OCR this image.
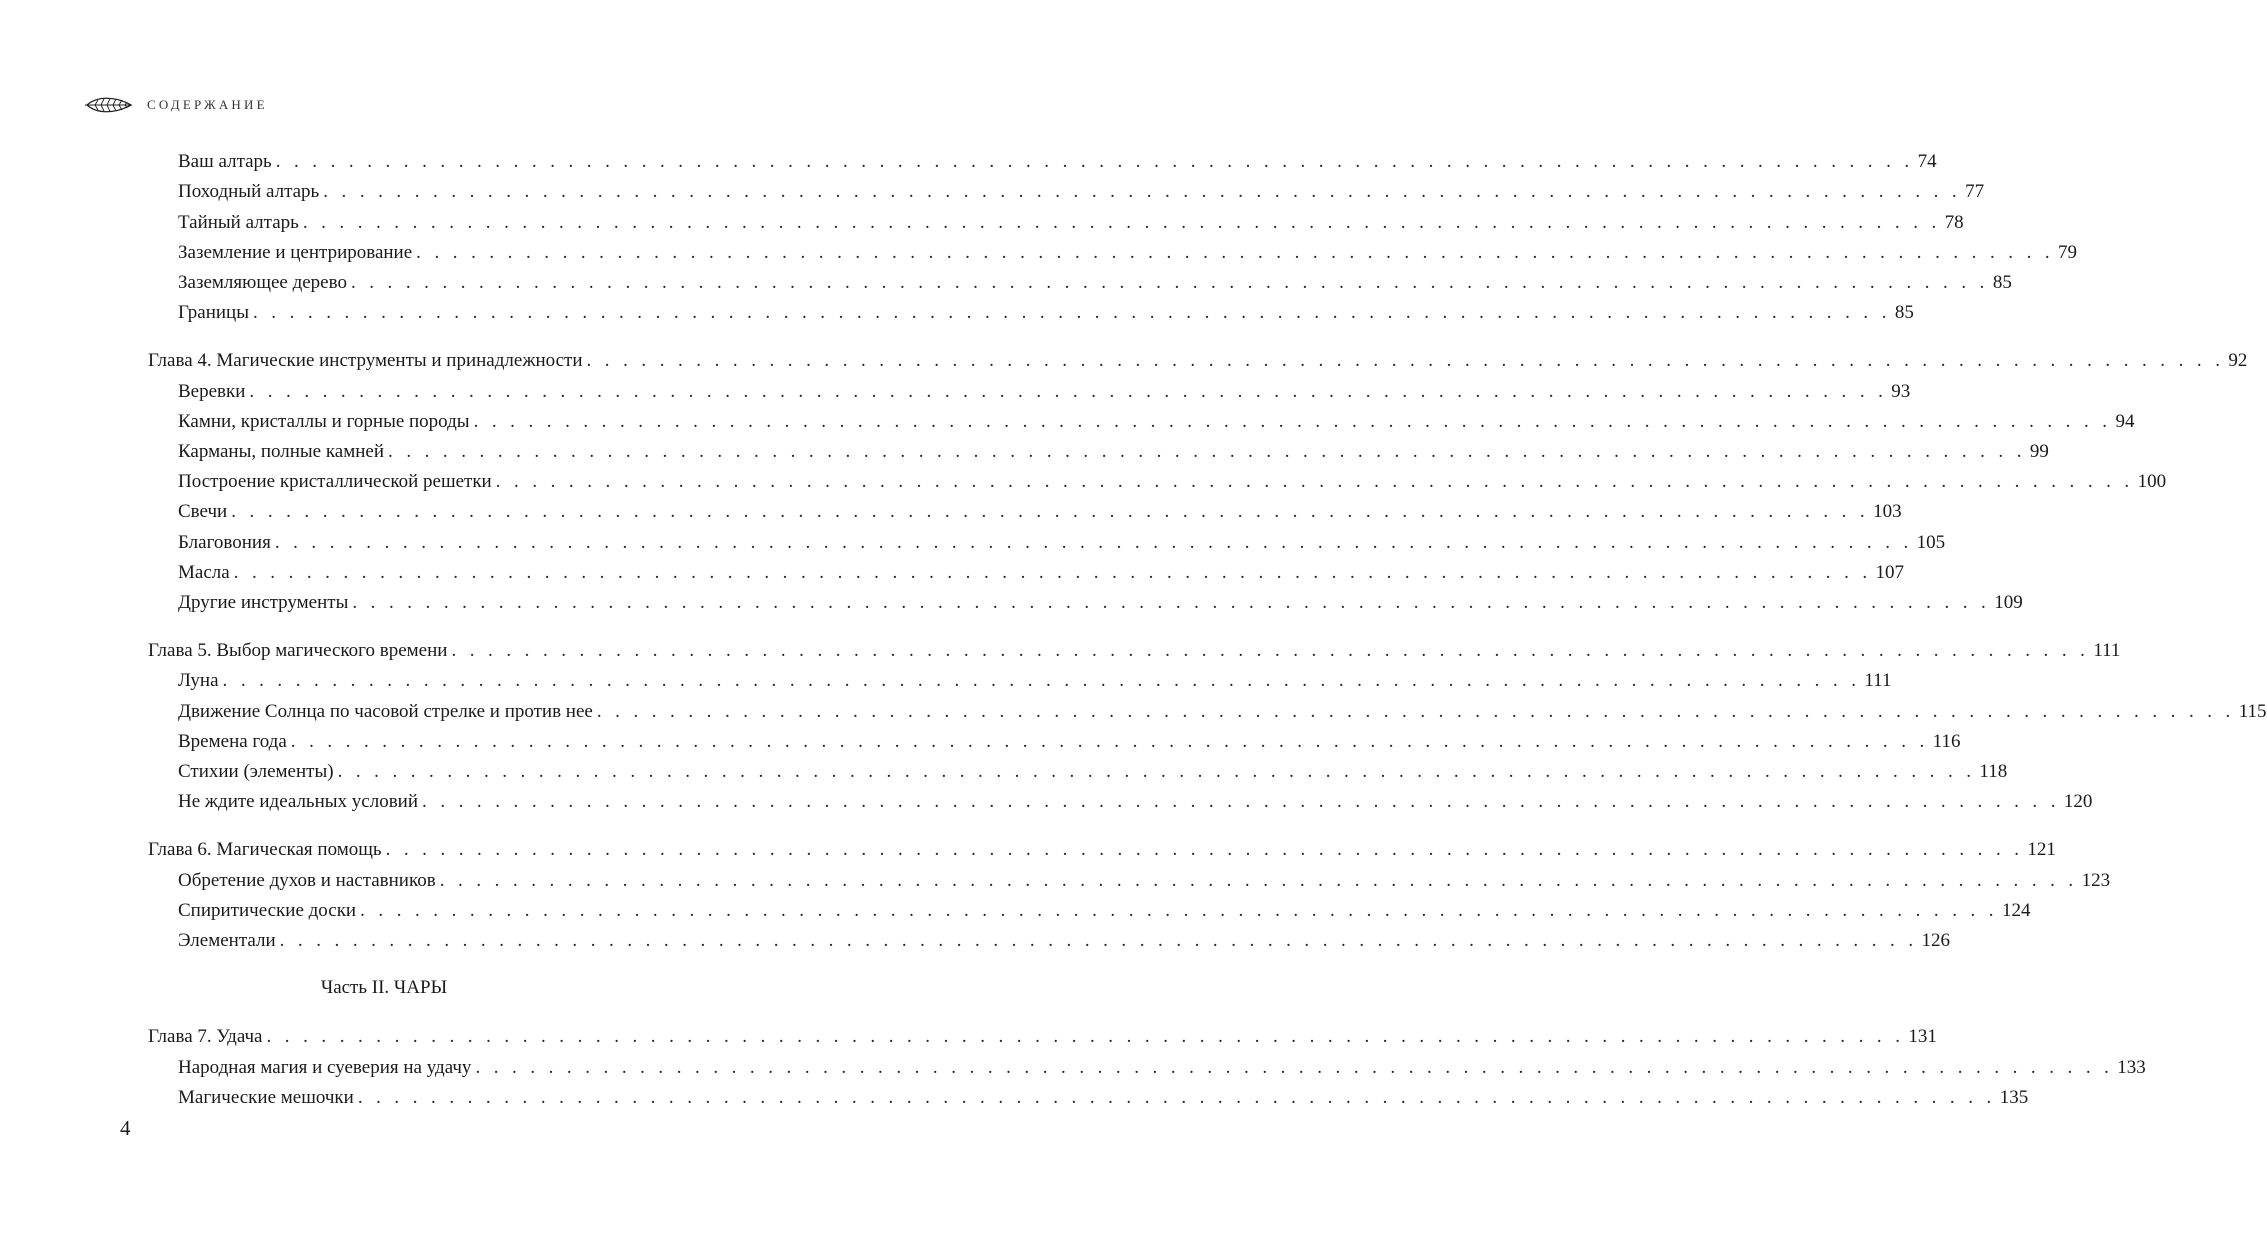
СОДЕРЖАНИЕ
Ваш алтарь . . . . . . . . . . . . . . . . . . . . . . . . . . . . . . . . . . . . . . . . . . . . . . . . . . . . . . . . . . . . . . . . . . . . . . . . . . . . . . . . . . . . . . . . . . 74
Походный алтарь . . . . . . . . . . . . . . . . . . . . . . . . . . . . . . . . . . . . . . . . . . . . . . . . . . . . . . . . . . . . . . . . . . . . . . . . . . . . . . . . . . . . . . . . . . 77
Тайный алтарь . . . . . . . . . . . . . . . . . . . . . . . . . . . . . . . . . . . . . . . . . . . . . . . . . . . . . . . . . . . . . . . . . . . . . . . . . . . . . . . . . . . . . . . . . . 78
Заземление и центрирование . . . . . . . . . . . . . . . . . . . . . . . . . . . . . . . . . . . . . . . . . . . . . . . . . . . . . . . . . . . . . . . . . . . . . . . . . . . . . . . . . . . . . . . . . . 79
Заземляющее дерево . . . . . . . . . . . . . . . . . . . . . . . . . . . . . . . . . . . . . . . . . . . . . . . . . . . . . . . . . . . . . . . . . . . . . . . . . . . . . . . . . . . . . . . . . . 85
Границы . . . . . . . . . . . . . . . . . . . . . . . . . . . . . . . . . . . . . . . . . . . . . . . . . . . . . . . . . . . . . . . . . . . . . . . . . . . . . . . . . . . . . . . . . . 85
Глава 4. Магические инструменты и принадлежности . . . . . . . . . . . . . . . . . . . . . . . . . . . . . . . . . . . . . . . . . . . . . . . . . . . . . . . . . . . . . . . . . . . . . . . . . . . . . . . . . . . . . . . . . . 92
Веревки . . . . . . . . . . . . . . . . . . . . . . . . . . . . . . . . . . . . . . . . . . . . . . . . . . . . . . . . . . . . . . . . . . . . . . . . . . . . . . . . . . . . . . . . . . 93
Камни, кристаллы и горные породы . . . . . . . . . . . . . . . . . . . . . . . . . . . . . . . . . . . . . . . . . . . . . . . . . . . . . . . . . . . . . . . . . . . . . . . . . . . . . . . . . . . . . . . . . . 94
Карманы, полные камней . . . . . . . . . . . . . . . . . . . . . . . . . . . . . . . . . . . . . . . . . . . . . . . . . . . . . . . . . . . . . . . . . . . . . . . . . . . . . . . . . . . . . . . . . . 99
Построение кристаллической решетки . . . . . . . . . . . . . . . . . . . . . . . . . . . . . . . . . . . . . . . . . . . . . . . . . . . . . . . . . . . . . . . . . . . . . . . . . . . . . . . . . . . . . . . . . . 100
Свечи . . . . . . . . . . . . . . . . . . . . . . . . . . . . . . . . . . . . . . . . . . . . . . . . . . . . . . . . . . . . . . . . . . . . . . . . . . . . . . . . . . . . . . . . . . 103
Благовония . . . . . . . . . . . . . . . . . . . . . . . . . . . . . . . . . . . . . . . . . . . . . . . . . . . . . . . . . . . . . . . . . . . . . . . . . . . . . . . . . . . . . . . . . . 105
Масла . . . . . . . . . . . . . . . . . . . . . . . . . . . . . . . . . . . . . . . . . . . . . . . . . . . . . . . . . . . . . . . . . . . . . . . . . . . . . . . . . . . . . . . . . . 107
Другие инструменты . . . . . . . . . . . . . . . . . . . . . . . . . . . . . . . . . . . . . . . . . . . . . . . . . . . . . . . . . . . . . . . . . . . . . . . . . . . . . . . . . . . . . . . . . . 109
Глава 5. Выбор магического времени . . . . . . . . . . . . . . . . . . . . . . . . . . . . . . . . . . . . . . . . . . . . . . . . . . . . . . . . . . . . . . . . . . . . . . . . . . . . . . . . . . . . . . . . . . 111
Луна . . . . . . . . . . . . . . . . . . . . . . . . . . . . . . . . . . . . . . . . . . . . . . . . . . . . . . . . . . . . . . . . . . . . . . . . . . . . . . . . . . . . . . . . . . 111
Движение Солнца по часовой стрелке и против нее . . . . . . . . . . . . . . . . . . . . . . . . . . . . . . . . . . . . . . . . . . . . . . . . . . . . . . . . . . . . . . . . . . . . . . . . . . . . . . . . . . . . . . . . . . 115
Времена года . . . . . . . . . . . . . . . . . . . . . . . . . . . . . . . . . . . . . . . . . . . . . . . . . . . . . . . . . . . . . . . . . . . . . . . . . . . . . . . . . . . . . . . . . . 116
Стихии (элементы) . . . . . . . . . . . . . . . . . . . . . . . . . . . . . . . . . . . . . . . . . . . . . . . . . . . . . . . . . . . . . . . . . . . . . . . . . . . . . . . . . . . . . . . . . . 118
Не ждите идеальных условий . . . . . . . . . . . . . . . . . . . . . . . . . . . . . . . . . . . . . . . . . . . . . . . . . . . . . . . . . . . . . . . . . . . . . . . . . . . . . . . . . . . . . . . . . . 120
Глава 6. Магическая помощь . . . . . . . . . . . . . . . . . . . . . . . . . . . . . . . . . . . . . . . . . . . . . . . . . . . . . . . . . . . . . . . . . . . . . . . . . . . . . . . . . . . . . . . . . . 121
Обретение духов и наставников . . . . . . . . . . . . . . . . . . . . . . . . . . . . . . . . . . . . . . . . . . . . . . . . . . . . . . . . . . . . . . . . . . . . . . . . . . . . . . . . . . . . . . . . . . 123
Спиритические доски . . . . . . . . . . . . . . . . . . . . . . . . . . . . . . . . . . . . . . . . . . . . . . . . . . . . . . . . . . . . . . . . . . . . . . . . . . . . . . . . . . . . . . . . . . 124
Элементали . . . . . . . . . . . . . . . . . . . . . . . . . . . . . . . . . . . . . . . . . . . . . . . . . . . . . . . . . . . . . . . . . . . . . . . . . . . . . . . . . . . . . . . . . . 126
Часть II. ЧАРЫ
Глава 7. Удача . . . . . . . . . . . . . . . . . . . . . . . . . . . . . . . . . . . . . . . . . . . . . . . . . . . . . . . . . . . . . . . . . . . . . . . . . . . . . . . . . . . . . . . . . . 131
Народная магия и суеверия на удачу . . . . . . . . . . . . . . . . . . . . . . . . . . . . . . . . . . . . . . . . . . . . . . . . . . . . . . . . . . . . . . . . . . . . . . . . . . . . . . . . . . . . . . . . . . 133
Магические мешочки . . . . . . . . . . . . . . . . . . . . . . . . . . . . . . . . . . . . . . . . . . . . . . . . . . . . . . . . . . . . . . . . . . . . . . . . . . . . . . . . . . . . . . . . . . 135
4
